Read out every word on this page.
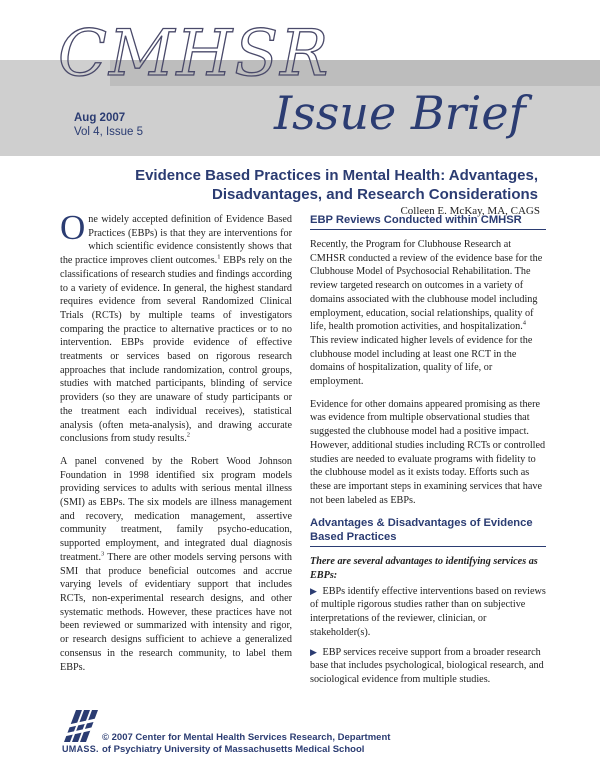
CMHSR
Issue Brief
Aug 2007
Vol 4, Issue 5
Evidence Based Practices in Mental Health: Advantages,
Disadvantages, and Research Considerations
Colleen E. McKay, MA, CAGS

One widely accepted definition of Evidence Based Practices (EBPs) is that they are interventions for which scientific evidence consistently shows that the practice improves client outcomes.$^1$ EBPs rely on the classifications of research studies and findings according to a variety of evidence. In general, the highest standard requires evidence from several Randomized Clinical Trials (RCTs) by multiple teams of investigators comparing the practice to alternative practices or to no intervention. EBPs provide evidence of effective treatments or services based on rigorous research approaches that include randomization, control groups, studies with matched participants, blinding of service providers (so they are unaware of study participants or the treatment each individual receives), statistical analysis (often meta-analysis), and drawing accurate conclusions from study results.$^2$

A panel convened by the Robert Wood Johnson Foundation in 1998 identified six program models providing services to adults with serious mental illness (SMI) as EBPs. The six models are illness management and recovery, medication management, assertive community treatment, family psycho-education, supported employment, and integrated dual diagnosis treatment.$^3$ There are other models serving persons with SMI that produce beneficial outcomes and accrue varying levels of evidentiary support that includes RCTs, non-experimental research designs, and other systematic methods. However, these practices have not been reviewed or summarized with intensity and rigor, or research designs sufficient to achieve a generalized consensus in the research community, to label them EBPs.

EBP Reviews Conducted within CMHSR

Recently, the Program for Clubhouse Research at CMHSR conducted a review of the evidence base for the Clubhouse Model of Psychosocial Rehabilitation. The review targeted research on outcomes in a variety of domains associated with the clubhouse model including employment, education, social relationships, quality of life, health promotion activities, and hospitalization.$^4$ This review indicated higher levels of evidence for the clubhouse model including at least one RCT in the domains of hospitalization, quality of life, or employment.

Evidence for other domains appeared promising as there was evidence from multiple observational studies that suggested the clubhouse model had a positive impact. However, additional studies including RCTs or controlled studies are needed to evaluate programs with fidelity to the clubhouse model as it exists today. Efforts such as these are important steps in examining services that have not been labeled as EBPs.

Advantages & Disadvantages of Evidence Based Practices

There are several advantages to identifying services as EBPs:

▶ EBPs identify effective interventions based on reviews of multiple rigorous studies rather than on subjective interpretations of the reviewer, clinician, or stakeholder(s).

▶ EBP services receive support from a broader research base that includes psychological, biological research, and sociological evidence from multiple studies.

UMASS.
© 2007 Center for Mental Health Services Research, Department
of Psychiatry University of Massachusetts Medical School
